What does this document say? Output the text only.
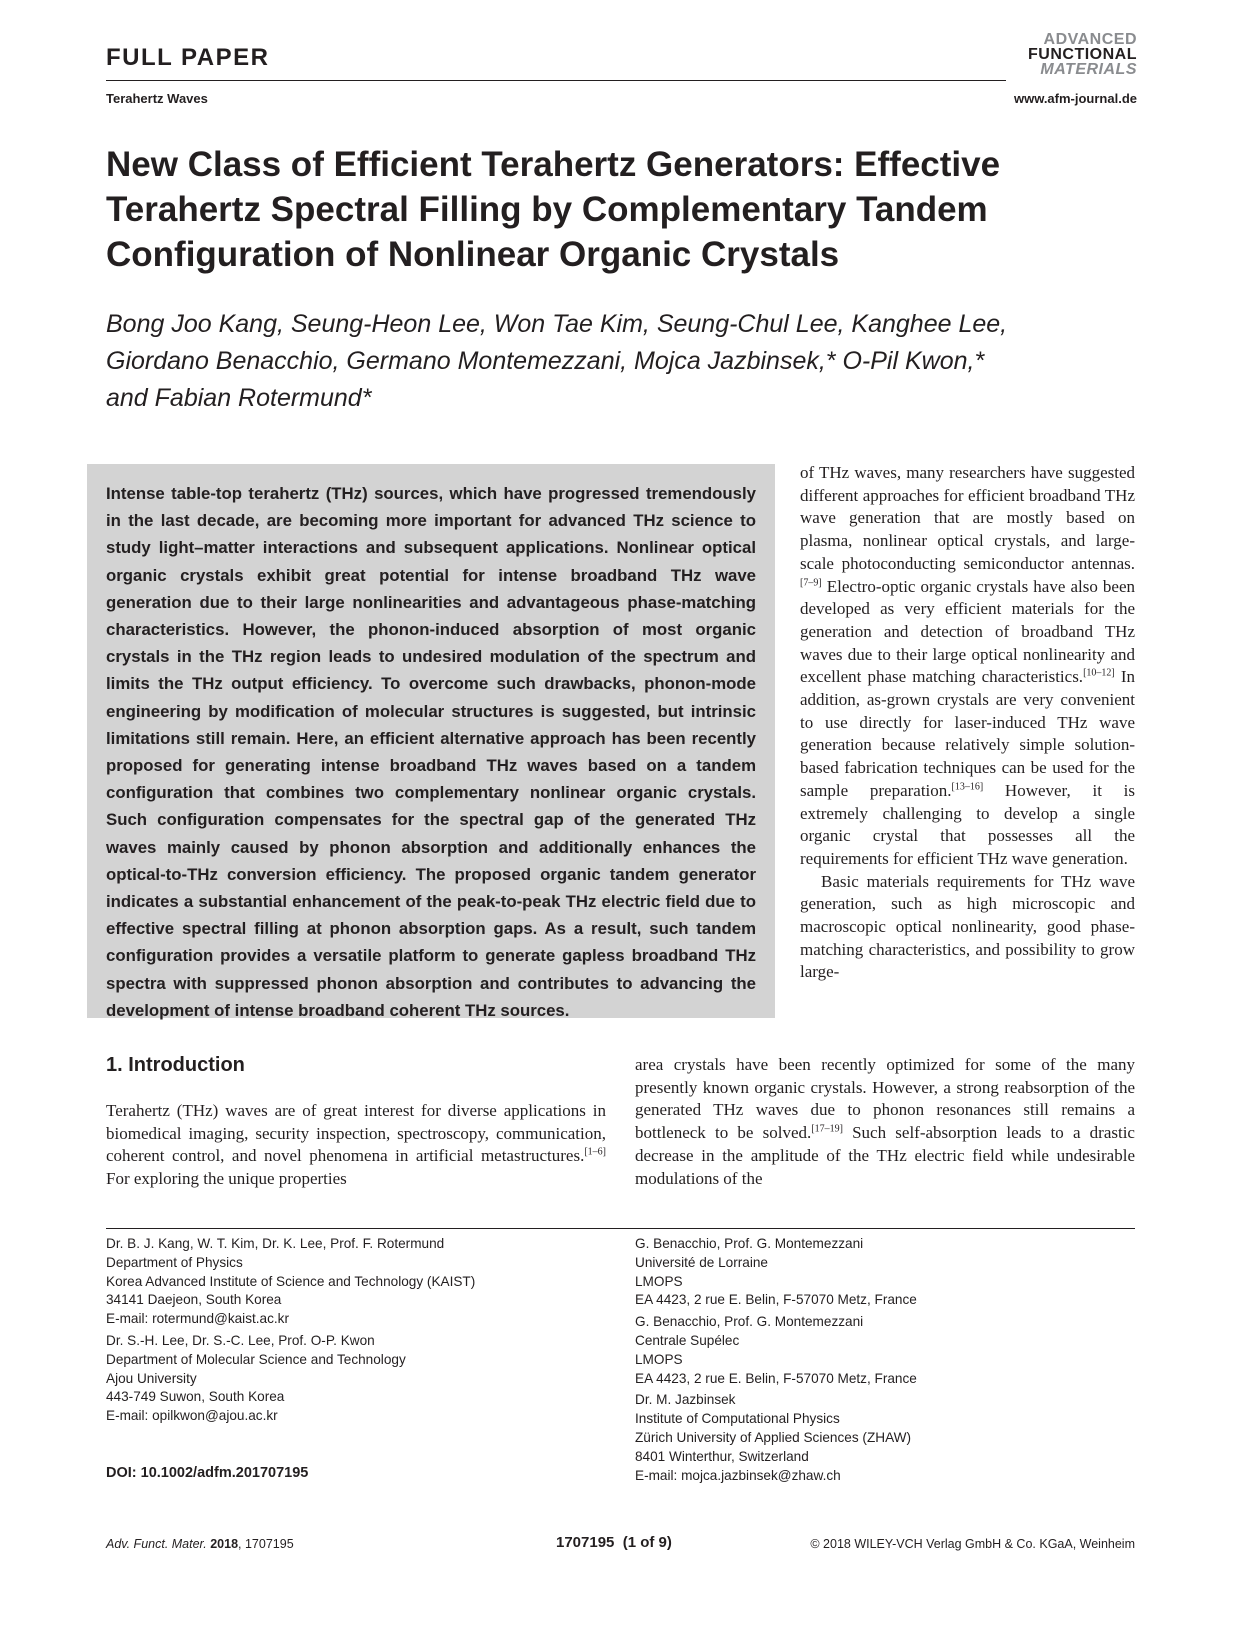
FULL PAPER
Terahertz Waves	www.afm-journal.de
ADVANCED
FUNCTIONAL
MATERIALS
New Class of Efficient Terahertz Generators: Effective Terahertz Spectral Filling by Complementary Tandem Configuration of Nonlinear Organic Crystals
Bong Joo Kang, Seung-Heon Lee, Won Tae Kim, Seung-Chul Lee, Kanghee Lee,
Giordano Benacchio, Germano Montemezzani, Mojca Jazbinsek,* O-Pil Kwon,*
and Fabian Rotermund*
Intense table-top terahertz (THz) sources, which have progressed tremendously in the last decade, are becoming more important for advanced THz science to study light–matter interactions and subsequent applications. Nonlinear optical organic crystals exhibit great potential for intense broadband THz wave generation due to their large nonlinearities and advantageous phase-matching characteristics. However, the phonon-induced absorption of most organic crystals in the THz region leads to undesired modulation of the spectrum and limits the THz output efficiency. To overcome such drawbacks, phonon-mode engineering by modification of molecular structures is suggested, but intrinsic limitations still remain. Here, an efficient alternative approach has been recently proposed for generating intense broadband THz waves based on a tandem configuration that combines two complementary nonlinear organic crystals. Such configuration compensates for the spectral gap of the generated THz waves mainly caused by phonon absorption and additionally enhances the optical-to-THz conversion efficiency. The proposed organic tandem generator indicates a substantial enhancement of the peak-to-peak THz electric field due to effective spectral filling at phonon absorption gaps. As a result, such tandem configuration provides a versatile platform to generate gapless broadband THz spectra with suppressed phonon absorption and contributes to advancing the development of intense broadband coherent THz sources.

of THz waves, many researchers have suggested different approaches for efficient broadband THz wave generation that are mostly based on plasma, nonlinear optical crystals, and large-scale photoconducting semiconductor antennas.[7–9] Electro-optic organic crystals have also been developed as very efficient materials for the generation and detection of broadband THz waves due to their large optical nonlinearity and excellent phase matching characteristics.[10–12] In addition, as-grown crystals are very convenient to use directly for laser-induced THz wave generation because relatively simple solution-based fabrication techniques can be used for the sample preparation.[13–16] However, it is extremely challenging to develop a single organic crystal that possesses all the requirements for efficient THz wave generation.

Basic materials requirements for THz wave generation, such as high microscopic and macroscopic optical nonlinearity, good phase-matching characteristics, and possibility to grow large-

1. Introduction
Terahertz (THz) waves are of great interest for diverse applications in biomedical imaging, security inspection, spectroscopy, communication, coherent control, and novel phenomena in artificial metastructures.[1–6] For exploring the unique properties
area crystals have been recently optimized for some of the many presently known organic crystals. However, a strong reabsorption of the generated THz waves due to phonon resonances still remains a bottleneck to be solved.[17–19] Such self-absorption leads to a drastic decrease in the amplitude of the THz electric field while undesirable modulations of the
Dr. B. J. Kang, W. T. Kim, Dr. K. Lee, Prof. F. Rotermund
Department of Physics
Korea Advanced Institute of Science and Technology (KAIST)
34141 Daejeon, South Korea
E-mail: rotermund@kaist.ac.kr
Dr. S.-H. Lee, Dr. S.-C. Lee, Prof. O-P. Kwon
Department of Molecular Science and Technology
Ajou University
443-749 Suwon, South Korea
E-mail: opilkwon@ajou.ac.kr
G. Benacchio, Prof. G. Montemezzani
Université de Lorraine
LMOPS
EA 4423, 2 rue E. Belin, F-57070 Metz, France
G. Benacchio, Prof. G. Montemezzani
Centrale Supélec
LMOPS
EA 4423, 2 rue E. Belin, F-57070 Metz, France
Dr. M. Jazbinsek
Institute of Computational Physics
Zürich University of Applied Sciences (ZHAW)
8401 Winterthur, Switzerland
E-mail: mojca.jazbinsek@zhaw.ch
DOI: 10.1002/adfm.201707195
Adv. Funct. Mater. 2018, 1707195	1707195  (1 of 9)	© 2018 WILEY-VCH Verlag GmbH & Co. KGaA, Weinheim
